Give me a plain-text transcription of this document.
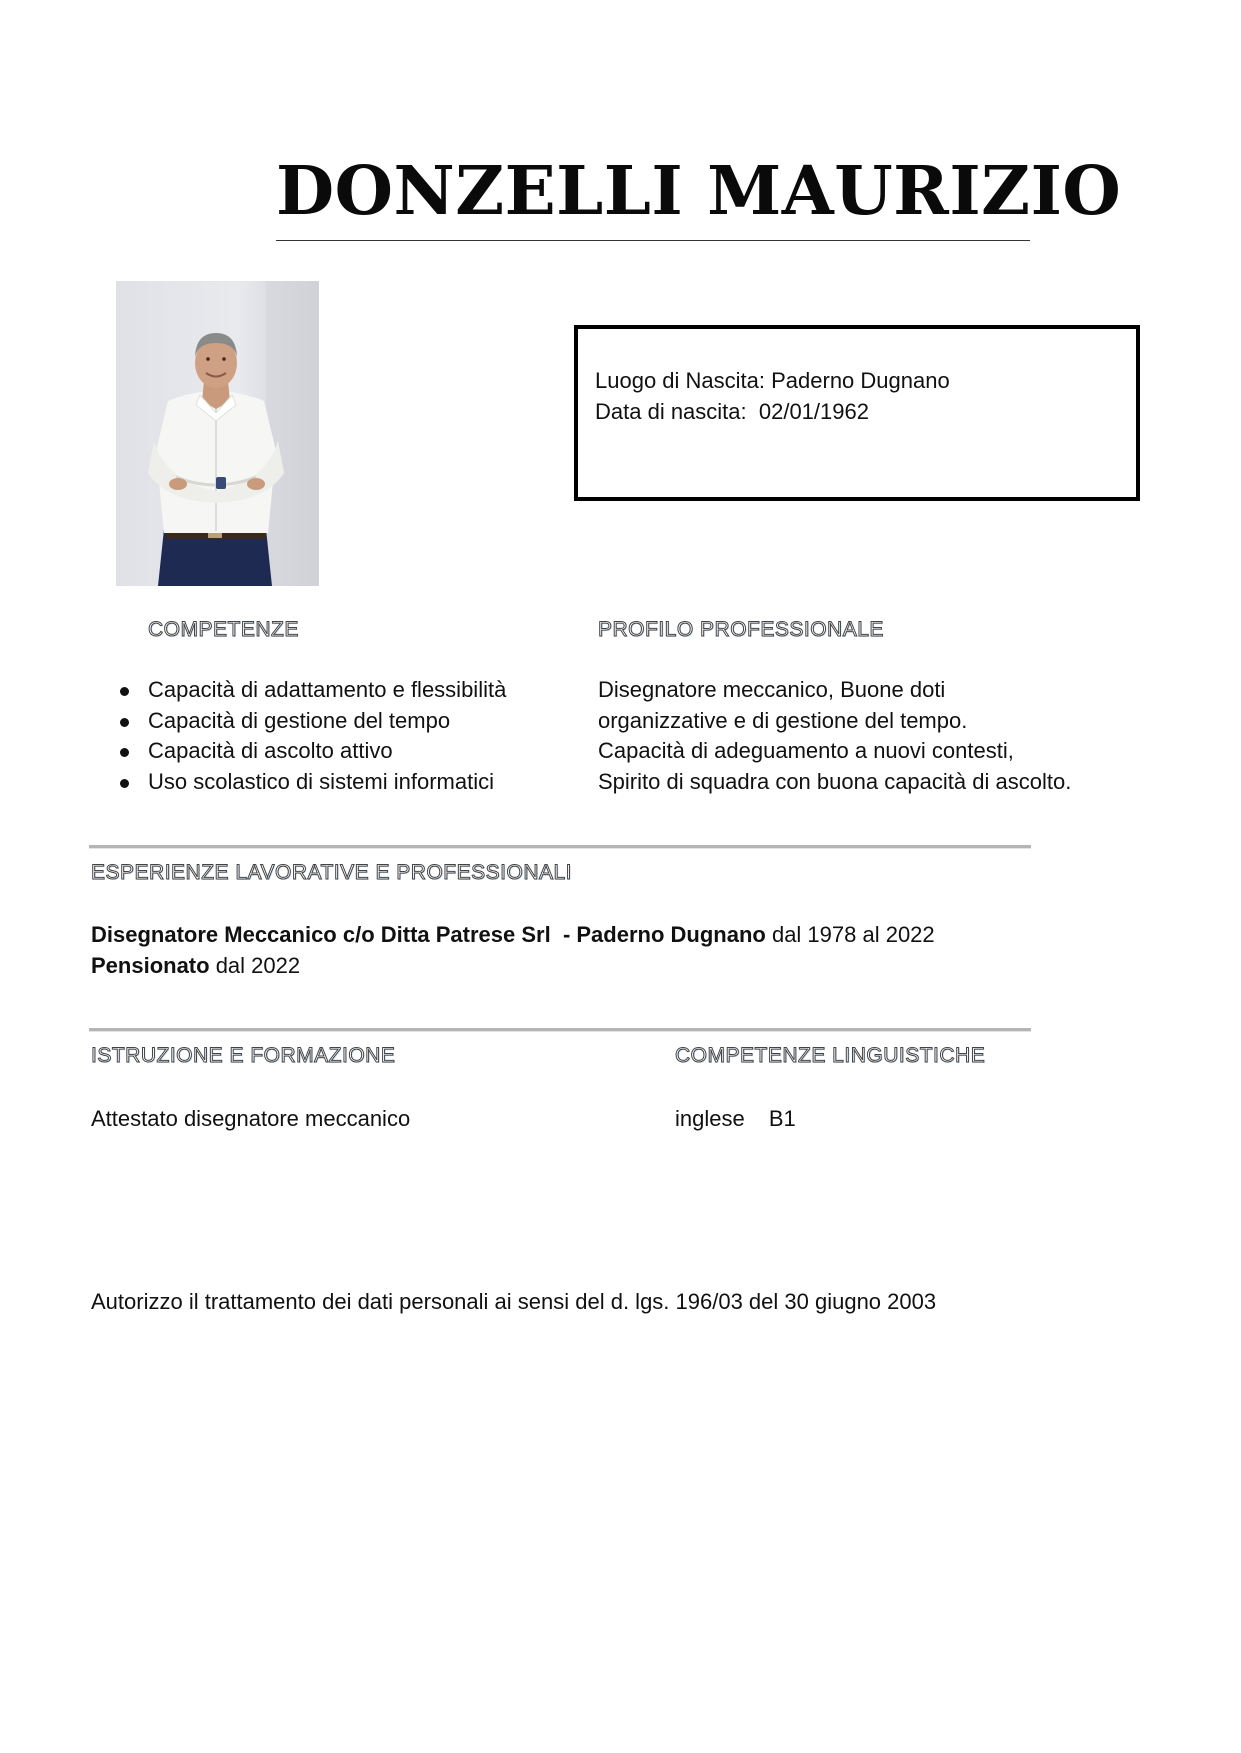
DONZELLI MAURIZIO
Luogo di Nascita: Paderno Dugnano
Data di nascita:  02/01/1962
COMPETENZE
Capacità di adattamento e flessibilità
Capacità di gestione del tempo
Capacità di ascolto attivo
Uso scolastico di sistemi informatici
PROFILO PROFESSIONALE
Disegnatore meccanico, Buone doti
organizzative e di gestione del tempo.
Capacità di adeguamento a nuovi contesti,
Spirito di squadra con buona capacità di ascolto.
ESPERIENZE LAVORATIVE E PROFESSIONALI
Disegnatore Meccanico c/o Ditta Patrese Srl  - Paderno Dugnano dal 1978 al 2022
Pensionato dal 2022
ISTRUZIONE E FORMAZIONE
Attestato disegnatore meccanico
COMPETENZE LINGUISTICHE
inglese B1
Autorizzo il trattamento dei dati personali ai sensi del d. lgs. 196/03 del 30 giugno 2003
